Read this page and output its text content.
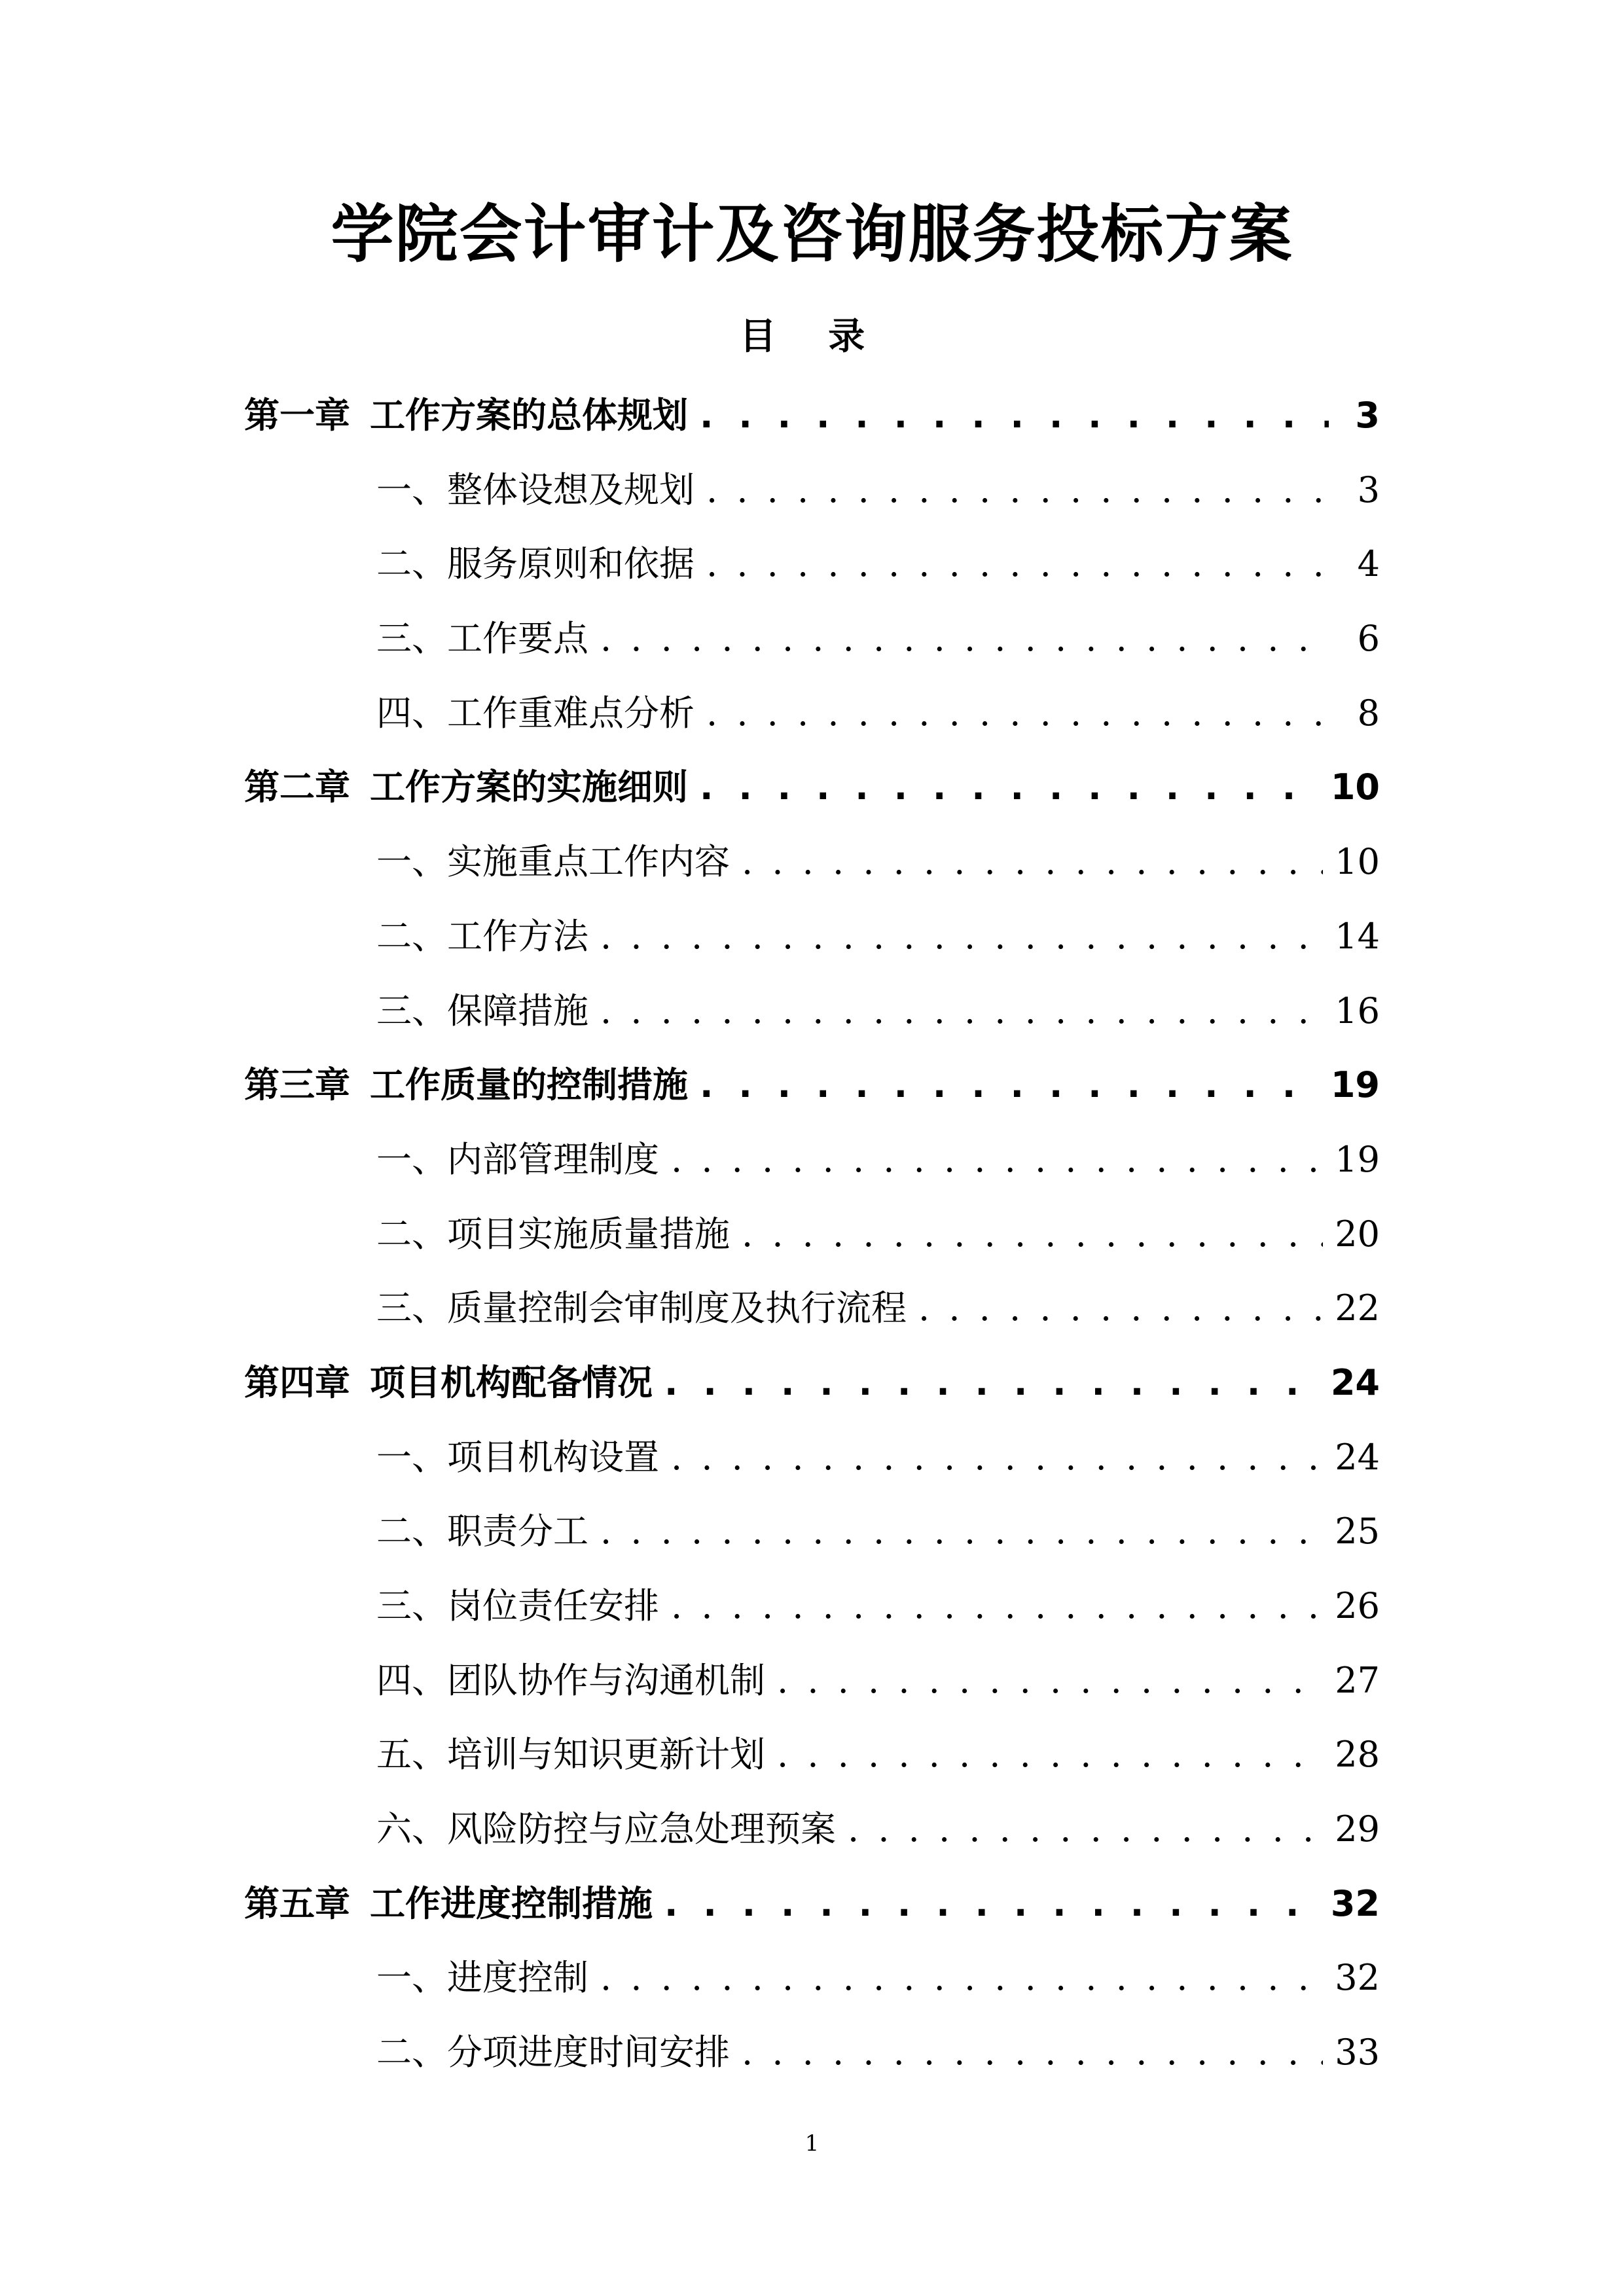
学院会计审计及咨询服务投标方案
目 录
第一章 工作方案的总体规划 . . .	3
一、整体设想及规划 . . .	3
二、服务原则和依据 . . .	4
三、工作要点 . . .	6
四、工作重难点分析 . . .	8
第二章 工作方案的实施细则 . . .	10
一、实施重点工作内容 . . .	10
二、工作方法 . . .	14
三、保障措施 . . .	16
第三章 工作质量的控制措施 . . .	19
一、内部管理制度 . . .	19
二、项目实施质量措施 . . .	20
三、质量控制会审制度及执行流程 . . .	22
第四章 项目机构配备情况 . . .	24
一、项目机构设置 . . .	24
二、职责分工 . . .	25
三、岗位责任安排 . . .	26
四、团队协作与沟通机制 . . .	27
五、培训与知识更新计划 . . .	28
六、风险防控与应急处理预案 . . .	29
第五章 工作进度控制措施 . . .	32
一、进度控制 . . .	32
二、分项进度时间安排 . . .	33
1
